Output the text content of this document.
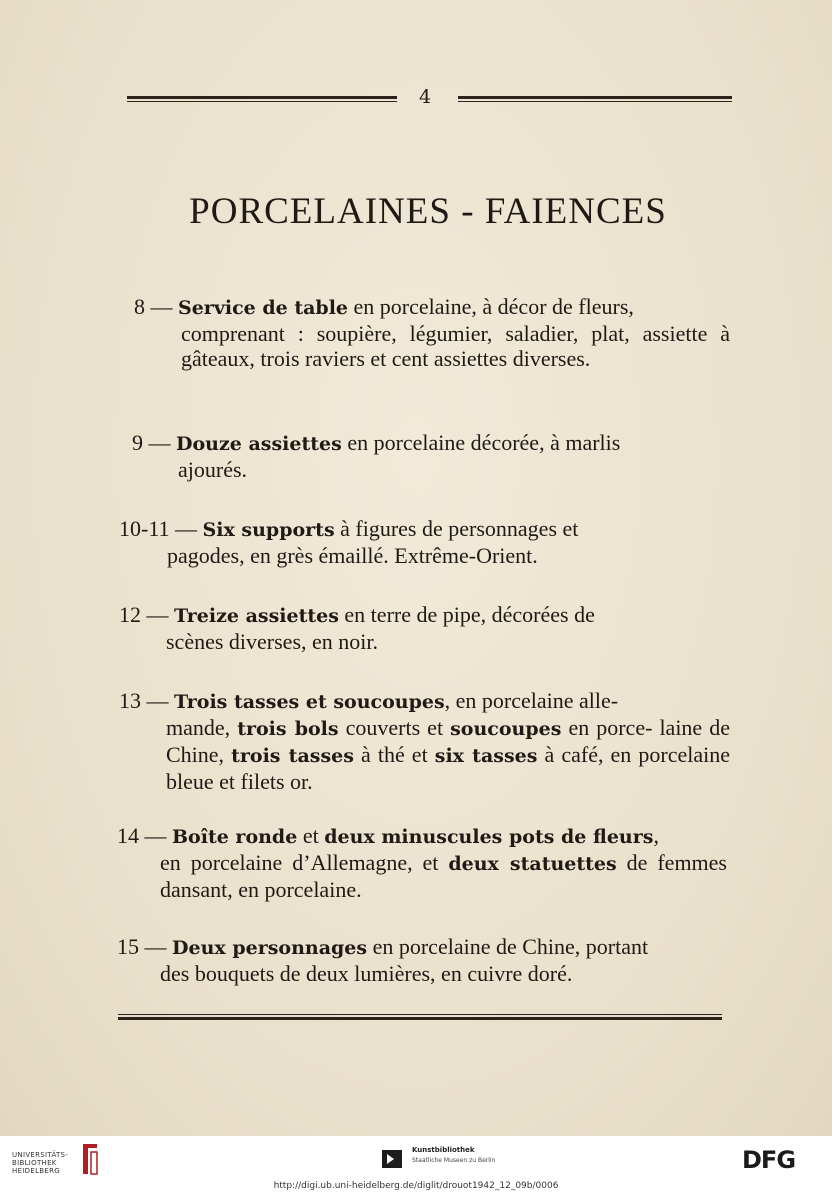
4
PORCELAINES - FAIENCES
8 — Service de table en porcelaine, à décor de fleurs,
comprenant : soupière, légumier, saladier, plat, assiette à gâteaux, trois raviers et cent assiettes diverses.
9 — Douze assiettes en porcelaine décorée, à marlis
ajourés.
10-11 — Six supports à figures de personnages et
pagodes, en grès émaillé. Extrême-Orient.
12 — Treize assiettes en terre de pipe, décorées de
scènes diverses, en noir.
13 — Trois tasses et soucoupes, en porcelaine alle-
mande, trois bols couverts et soucoupes en porce- laine de Chine, trois tasses à thé et six tasses à café, en porcelaine bleue et filets or.
14 — Boîte ronde et deux minuscules pots de fleurs,
en porcelaine d’Allemagne, et deux statuettes de femmes dansant, en porcelaine.
15 — Deux personnages en porcelaine de Chine, portant
des bouquets de deux lumières, en cuivre doré.
UNIVERSITÄTS-
BIBLIOTHEK
HEIDELBERG
Kunstbibliothek
Staatliche Museen zu Berlin	DFG
http://digi.ub.uni-heidelberg.de/diglit/drouot1942_12_09b/0006
